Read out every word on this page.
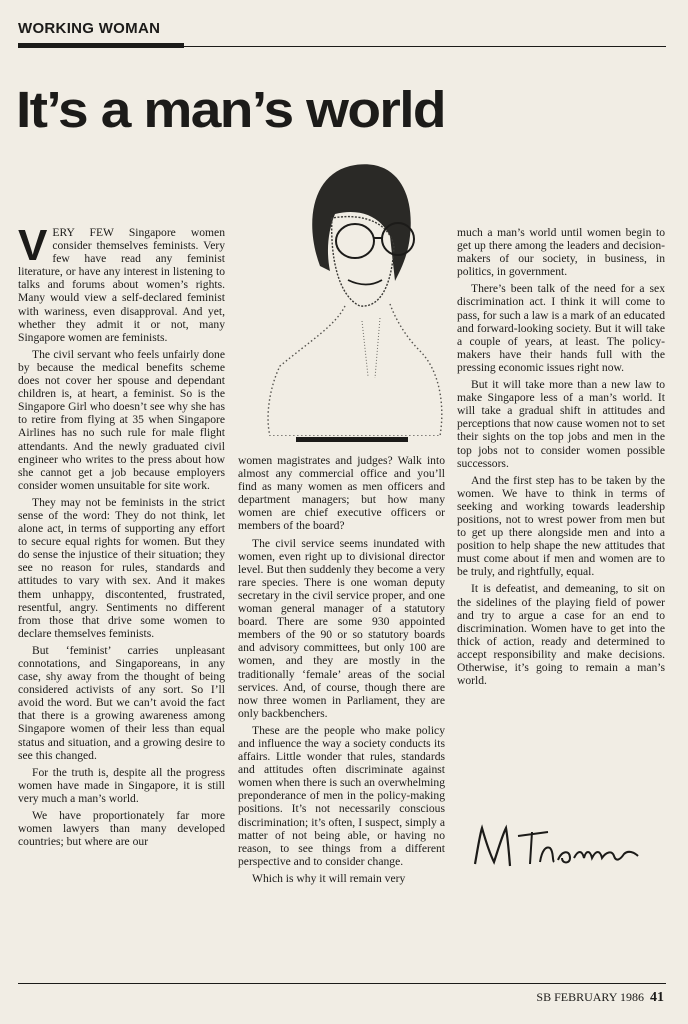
WORKING WOMAN
It’s a man’s world

VERY FEW Singapore women consider themselves feminists. Very few have read any feminist literature, or have any interest in listening to talks and forums about women’s rights. Many would view a self-declared feminist with wariness, even disapproval. And yet, whether they admit it or not, many Singapore women are feminists.

The civil servant who feels unfairly done by because the medical benefits scheme does not cover her spouse and dependant children is, at heart, a feminist. So is the Singapore Girl who doesn’t see why she has to retire from flying at 35 when Singapore Airlines has no such rule for male flight attendants. And the newly graduated civil engineer who writes to the press about how she cannot get a job because employers consider women unsuitable for site work.

They may not be feminists in the strict sense of the word: They do not think, let alone act, in terms of supporting any effort to secure equal rights for women. But they do sense the injustice of their situation; they see no reason for rules, standards and attitudes to vary with sex. And it makes them unhappy, discontented, frustrated, resentful, angry. Sentiments no different from those that drive some women to declare themselves feminists.

But ‘feminist’ carries unpleasant connotations, and Singaporeans, in any case, shy away from the thought of being considered activists of any sort. So I’ll avoid the word. But we can’t avoid the fact that there is a growing awareness among Singapore women of their less than equal status and situation, and a growing desire to see this changed.

For the truth is, despite all the progress women have made in Singapore, it is still very much a man’s world.

We have proportionately far more women lawyers than many developed countries; but where are our

women magistrates and judges? Walk into almost any commercial office and you’ll find as many women as men officers and department managers; but how many women are chief executive officers or members of the board?

The civil service seems inundated with women, even right up to divisional director level. But then suddenly they become a very rare species. There is one woman deputy secretary in the civil service proper, and one woman general manager of a statutory board. There are some 930 appointed members of the 90 or so statutory boards and advisory committees, but only 100 are women, and they are mostly in the traditionally ‘female’ areas of the social services. And, of course, though there are now three women in Parliament, they are only backbenchers.

These are the people who make policy and influence the way a society conducts its affairs. Little wonder that rules, standards and attitudes often discriminate against women when there is such an overwhelming preponderance of men in the policy-making positions. It’s not necessarily conscious discrimination; it’s often, I suspect, simply a matter of not being able, or having no reason, to see things from a different perspective and to consider change.

Which is why it will remain very

much a man’s world until women begin to get up there among the leaders and decision-makers of our society, in business, in politics, in government.

There’s been talk of the need for a sex discrimination act. I think it will come to pass, for such a law is a mark of an educated and forward-looking society. But it will take a couple of years, at least. The policy-makers have their hands full with the pressing economic issues right now.

But it will take more than a new law to make Singapore less of a man’s world. It will take a gradual shift in attitudes and perceptions that now cause women not to set their sights on the top jobs and men in the top jobs not to consider women possible successors.

And the first step has to be taken by the women. We have to think in terms of seeking and working towards leadership positions, not to wrest power from men but to get up there alongside men and into a position to help shape the new attitudes that must come about if men and women are to be truly, and rightfully, equal.

It is defeatist, and demeaning, to sit on the sidelines of the playing field of power and try to argue a case for an end to discrimination. Women have to get into the thick of action, ready and determined to accept responsibility and make decisions. Otherwise, it’s going to remain a man’s world.

SB FEBRUARY 1986 41
